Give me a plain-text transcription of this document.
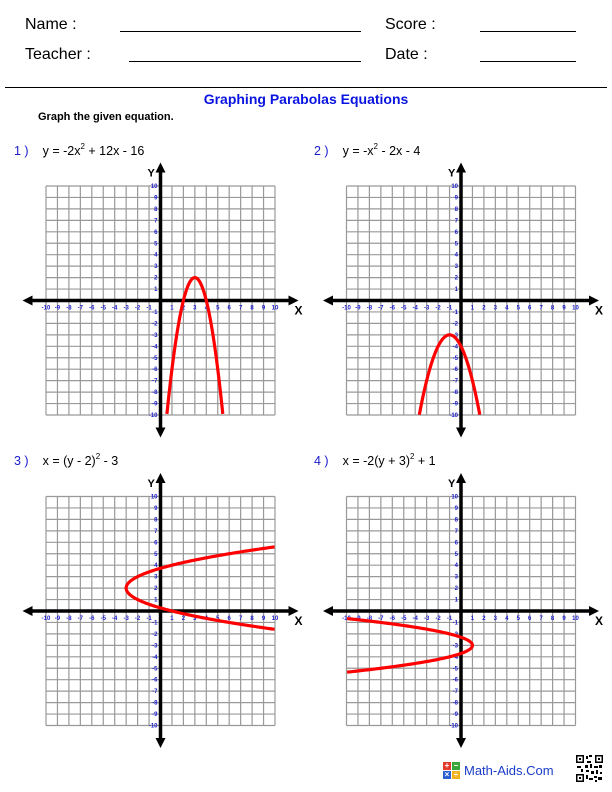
Name :	Score :
Teacher :	Date :
Graphing Parabolas Equations
Graph the given equation.
1 ) $y = -2x^2 + 12x - 16$	2 ) $y = -x^2 - 2x - 4$
3 ) x = (y - 2)$^2$ - 3	4 ) $x = -2(y + 3)^2 + 1$
X
Y
-10
-10
-9
-9
-8
-8
-7
-7
-6
-6
-5
-5
-4
-4
-3
-3
-2
-2
-1
-1
1
1
2
2
3
3
4
4
5
5
6
6
7
7
8
8
9
9
10
10
X
Y
-10
-10
-9
-9
-8
-8
-7
-7
-6
-6
-5
-5
-4
-4
-3
-3
-2
-2
-1
-1
1
1
2
2
3
3
4
4
5
5
6
6
7
7
8
8
9
9
10
10
X
Y
-10
-10
-9
-9
-8
-8
-7
-7
-6
-6
-5
-5
-4
-4
-3
-3
-2
-2
-1
-1
1
1
2
2
3
3
4
4
5
5
6
6
7
7
8
8
9
9
10
10
X
Y
-10
-10
-9
-9
-8
-8
-7
-7
-6
-6
-5
-5
-4
-4
-3
-3
-2
-2
-1
-1
1
1
2
2
3
3
4
4
5
5
6
6
7
7
8
8
9
9
10
10
+ −
× ÷ Math-Aids.Com
